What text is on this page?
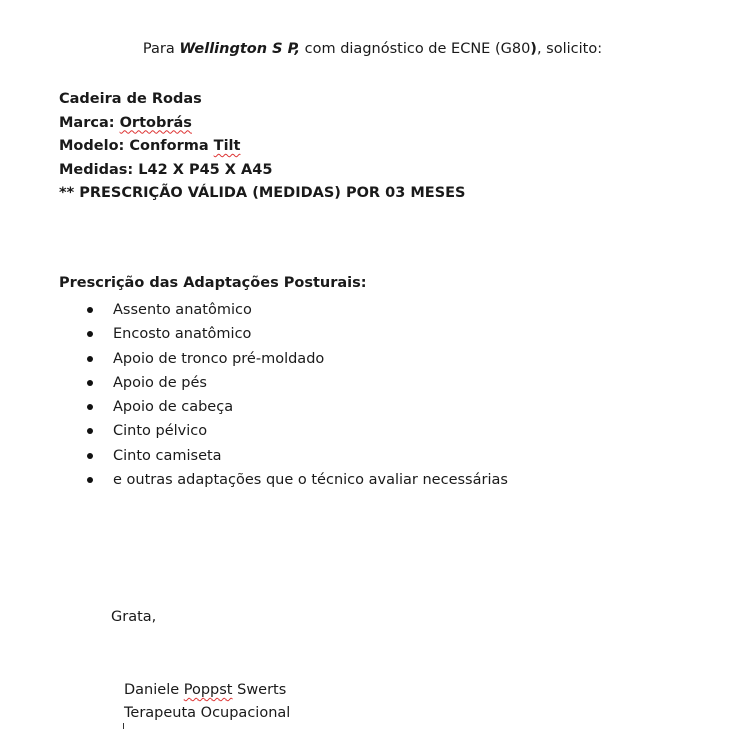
Para Wellington S P, com diagnóstico de ECNE (G80), solicito:
Cadeira de Rodas
Marca: Ortobrás
Modelo: Conforma Tilt
Medidas: L42 X P45 X A45
** PRESCRIÇÃO VÁLIDA (MEDIDAS) POR 03 MESES
Prescrição das Adaptações Posturais:
Assento anatômico
Encosto anatômico
Apoio de tronco pré-moldado
Apoio de pés
Apoio de cabeça
Cinto pélvico
Cinto camiseta
e outras adaptações que o técnico avaliar necessárias
Grata,
Daniele Poppst Swerts
Terapeuta Ocupacional
